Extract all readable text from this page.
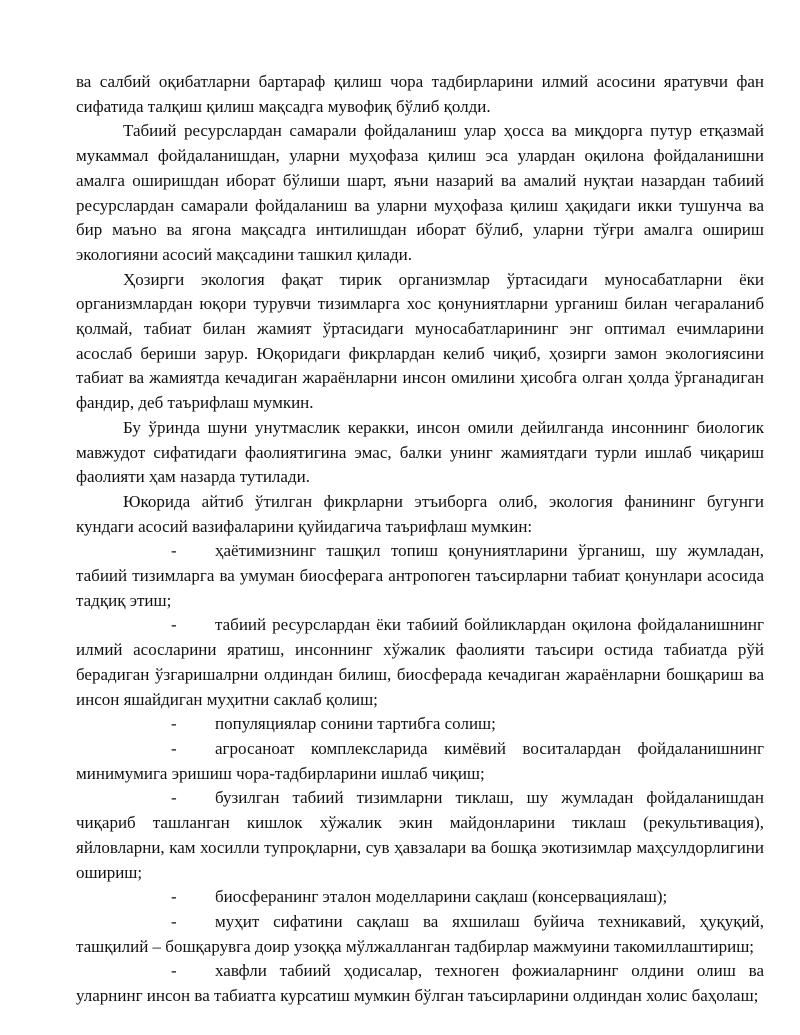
ва салбий оқибатларни бартараф қилиш чора тадбирларини илмий асосини яратувчи фан сифатида талқиш қилиш мақсадга мувофиқ бўлиб қолди.

Табиий ресурслардан самарали фойдаланиш улар ҳосса ва миқдорга путур етқазмай мукаммал фойдаланишдан, уларни муҳофаза қилиш эса улардан оқилона фойдаланишни амалга оширишдан иборат бўлиши шарт, яъни назарий ва амалий нуқтаи назардан табиий ресурслардан самарали фойдаланиш ва уларни муҳофаза қилиш ҳақидаги икки тушунча ва бир маъно ва ягона мақсадга интилишдан иборат бўлиб, уларни тўғри амалга ошириш экологияни асосий мақсадини ташкил қилади.

Ҳозирги экология фақат тирик организмлар ўртасидаги муносабатларни ёки организмлардан юқори турувчи тизимларга хос қонуниятларни урганиш билан чегараланиб қолмай, табиат билан жамият ўртасидаги муносабатларининг энг оптимал ечимларини асослаб бериши зарур. Юқоридаги фикрлардан келиб чиқиб, ҳозирги замон экологиясини табиат ва жамиятда кечадиган жараёнларни инсон омилини ҳисобга олган ҳолда ўрганадиган фандир, деб таърифлаш мумкин.

Бу ўринда шуни унутмаслик керакки, инсон омили дейилганда инсоннинг биологик мавжудот сифатидаги фаолиятигина эмас, балки унинг жамиятдаги турли ишлаб чиқариш фаолияти ҳам назарда тутилади.

Юкорида айтиб ўтилган фикрларни этъиборга олиб, экология фанининг бугунги кундаги асосий вазифаларини қуйидагича таърифлаш мумкин:

- ҳаётимизнинг ташқил топиш қонуниятларини ўрганиш, шу жумладан, табиий тизимларга ва умуман биосферага антропоген таъсирларни табиат қонунлари асосида тадқиқ этиш;

- табиий ресурслардан ёки табиий бойликлардан оқилона фойдаланишнинг илмий асосларини яратиш, инсоннинг хўжалик фаолияти таъсири остида табиатда рўй берадиган ўзгаришалрни олдиндан билиш, биосферада кечадиган жараёнларни бошқариш ва инсон яшайдиган муҳитни саклаб қолиш;

- популяциялар сонини тартибга солиш;

- агросаноат комплексларида кимёвий воситалардан фойдаланишнинг минимумига эришиш чора-тадбирларини ишлаб чиқиш;

- бузилган табиий тизимларни тиклаш, шу жумладан фойдаланишдан чиқариб ташланган кишлок хўжалик экин майдонларини тиклаш (рекультивация), яйловларни, кам хосилли тупроқларни, сув ҳавзалари ва бошқа экотизимлар маҳсулдорлигини ошириш;

- биосферанинг эталон моделларини сақлаш (консервациялаш);

- муҳит сифатини сақлаш ва яхшилаш буйича техникавий, ҳуқуқий, ташқилий – бошқарувга доир узоққа мўлжалланган тадбирлар мажмуини такомиллаштириш;

- хавфли табиий ҳодисалар, техноген фожиаларнинг олдини олиш ва уларнинг инсон ва табиатга курсатиш мумкин бўлган таъсирларини олдиндан холис баҳолаш;
